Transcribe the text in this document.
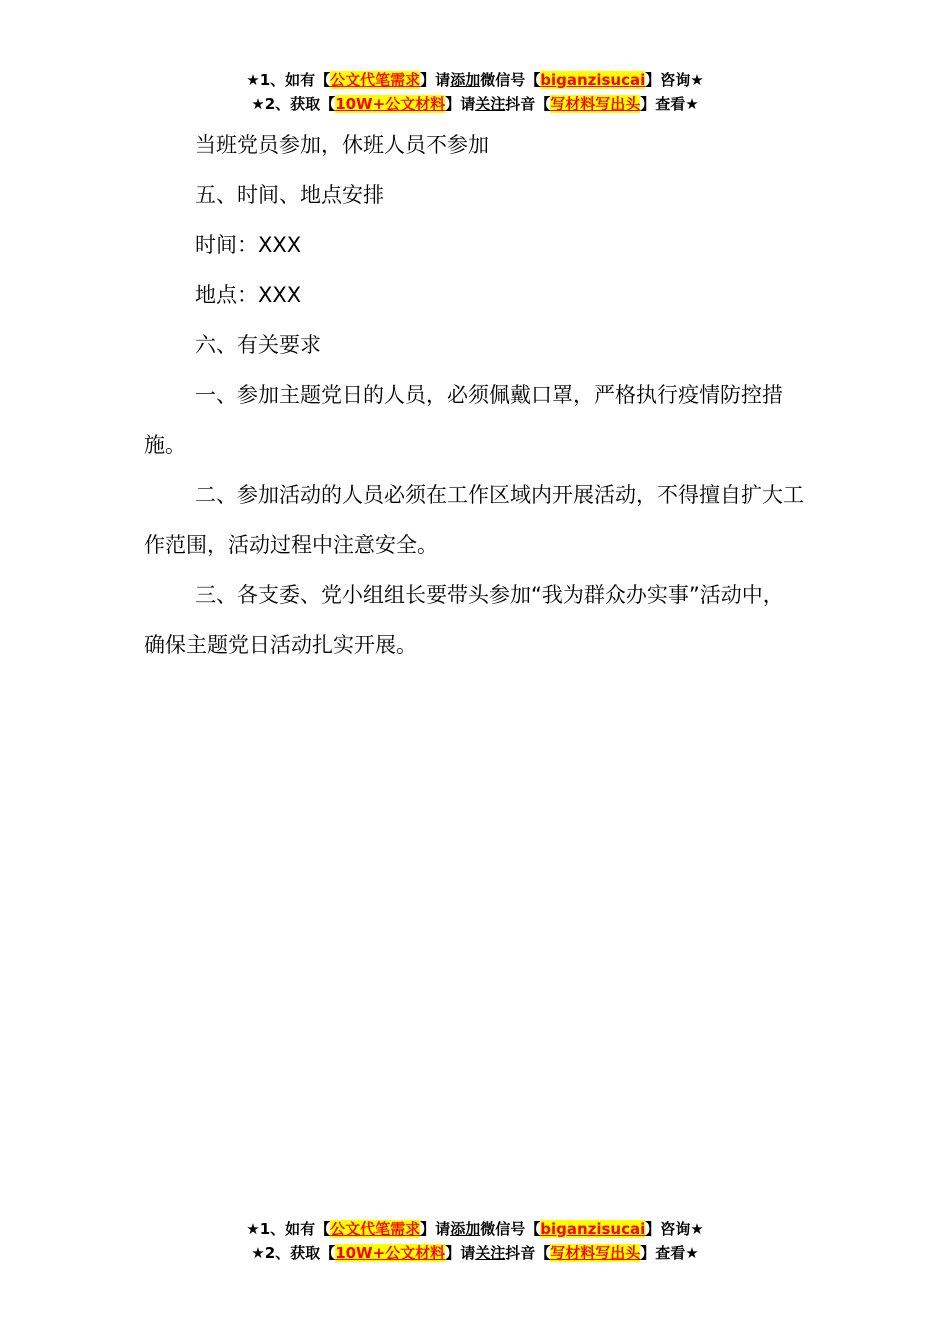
★1、如有【公文代笔需求】请添加微信号【biganzisucai】咨询★
★2、获取【10W+公文材料】请关注抖音【写材料写出头】查看★

当班党员参加，休班人员不参加

五、时间、地点安排

时间：XXX

地点：XXX

六、有关要求

一、参加主题党日的人员，必须佩戴口罩，严格执行疫情防控措施。

二、参加活动的人员必须在工作区域内开展活动，不得擅自扩大工作范围，活动过程中注意安全。

三、各支委、党小组组长要带头参加“我为群众办实事”活动中，确保主题党日活动扎实开展。

★1、如有【公文代笔需求】请添加微信号【biganzisucai】咨询★
★2、获取【10W+公文材料】请关注抖音【写材料写出头】查看★
